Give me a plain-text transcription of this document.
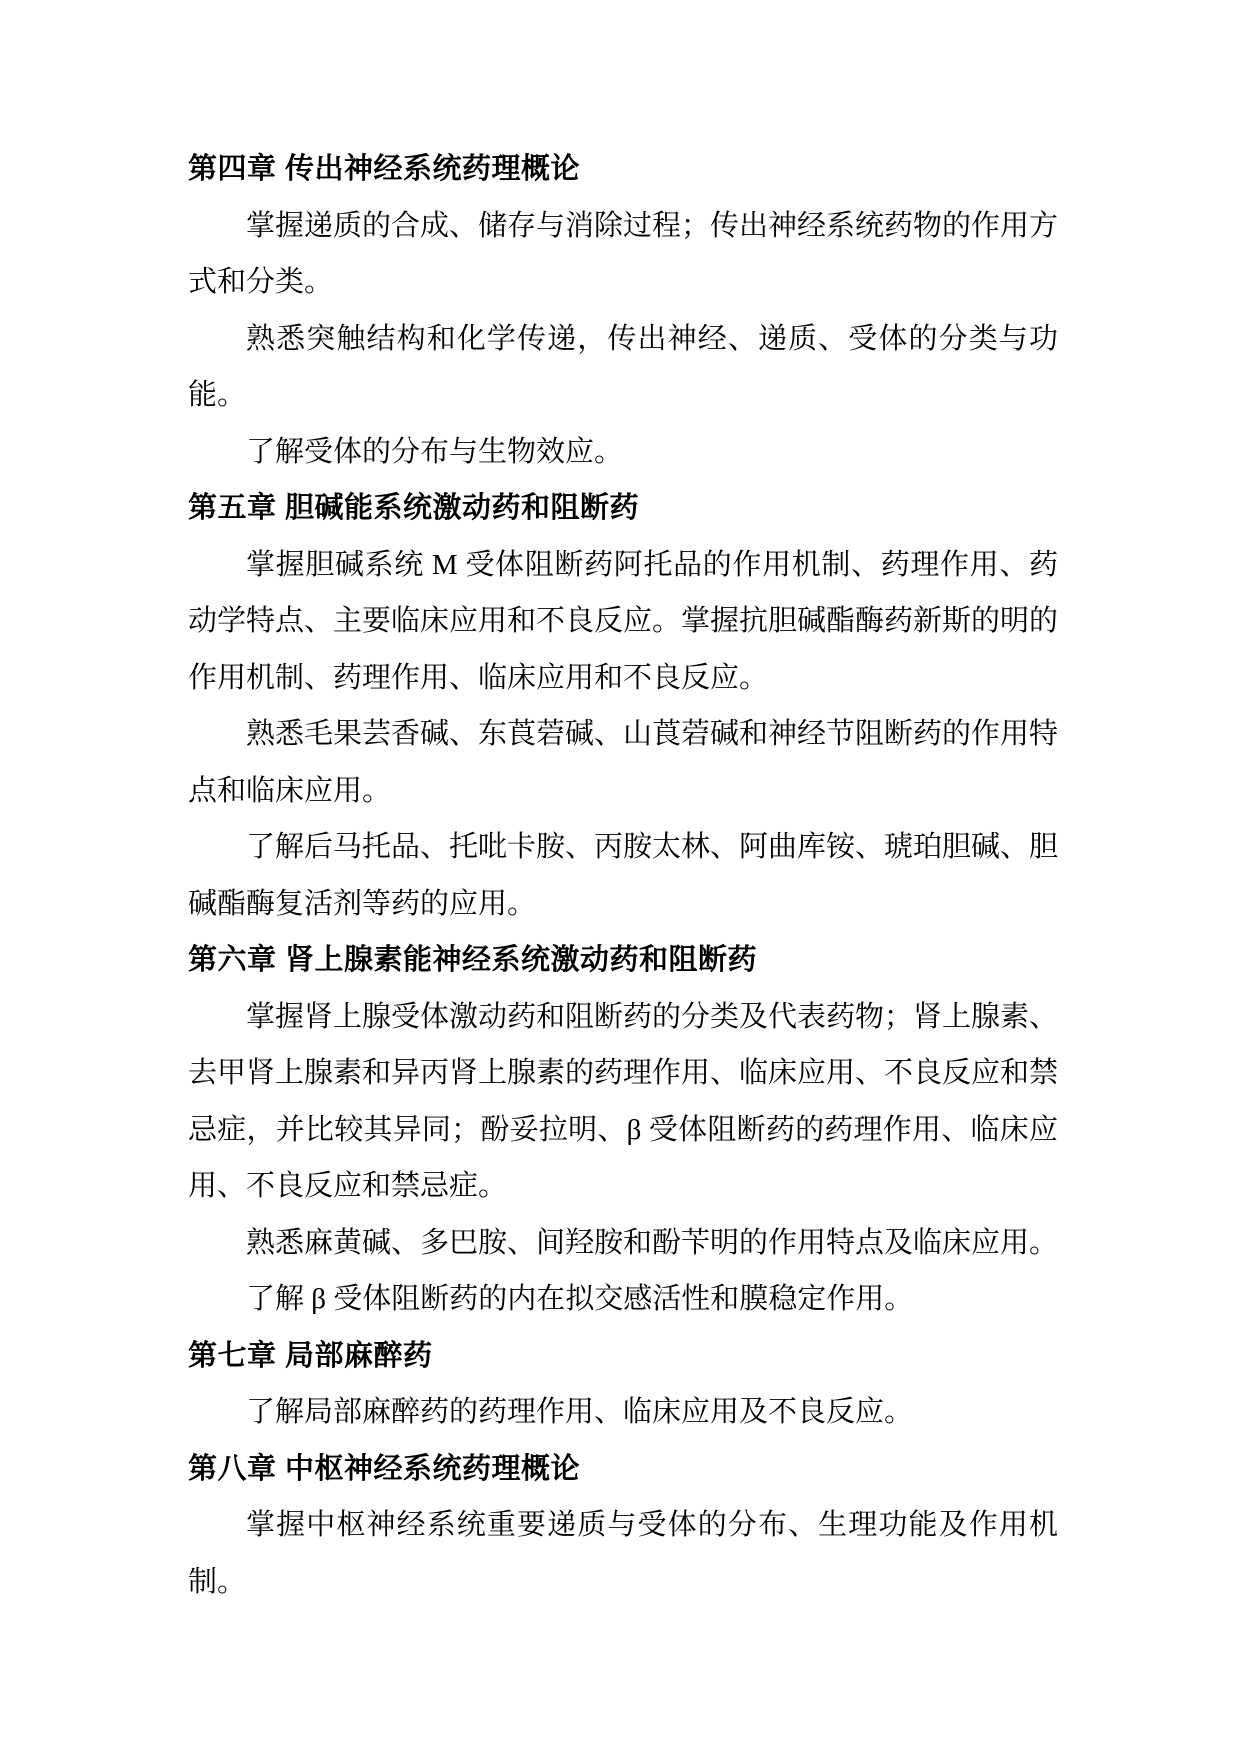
第四章 传出神经系统药理概论

掌握递质的合成、储存与消除过程；传出神经系统药物的作用方式和分类。

熟悉突触结构和化学传递，传出神经、递质、受体的分类与功能。

了解受体的分布与生物效应。

第五章 胆碱能系统激动药和阻断药

掌握胆碱系统 M 受体阻断药阿托品的作用机制、药理作用、药动学特点、主要临床应用和不良反应。掌握抗胆碱酯酶药新斯的明的作用机制、药理作用、临床应用和不良反应。

熟悉毛果芸香碱、东莨菪碱、山莨菪碱和神经节阻断药的作用特点和临床应用。

了解后马托品、托吡卡胺、丙胺太林、阿曲库铵、琥珀胆碱、胆碱酯酶复活剂等药的应用。

第六章 肾上腺素能神经系统激动药和阻断药

掌握肾上腺受体激动药和阻断药的分类及代表药物；肾上腺素、去甲肾上腺素和异丙肾上腺素的药理作用、临床应用、不良反应和禁忌症，并比较其异同；酚妥拉明、β 受体阻断药的药理作用、临床应用、不良反应和禁忌症。

熟悉麻黄碱、多巴胺、间羟胺和酚苄明的作用特点及临床应用。

了解 β 受体阻断药的内在拟交感活性和膜稳定作用。

第七章 局部麻醉药

了解局部麻醉药的药理作用、临床应用及不良反应。

第八章 中枢神经系统药理概论

掌握中枢神经系统重要递质与受体的分布、生理功能及作用机制。
